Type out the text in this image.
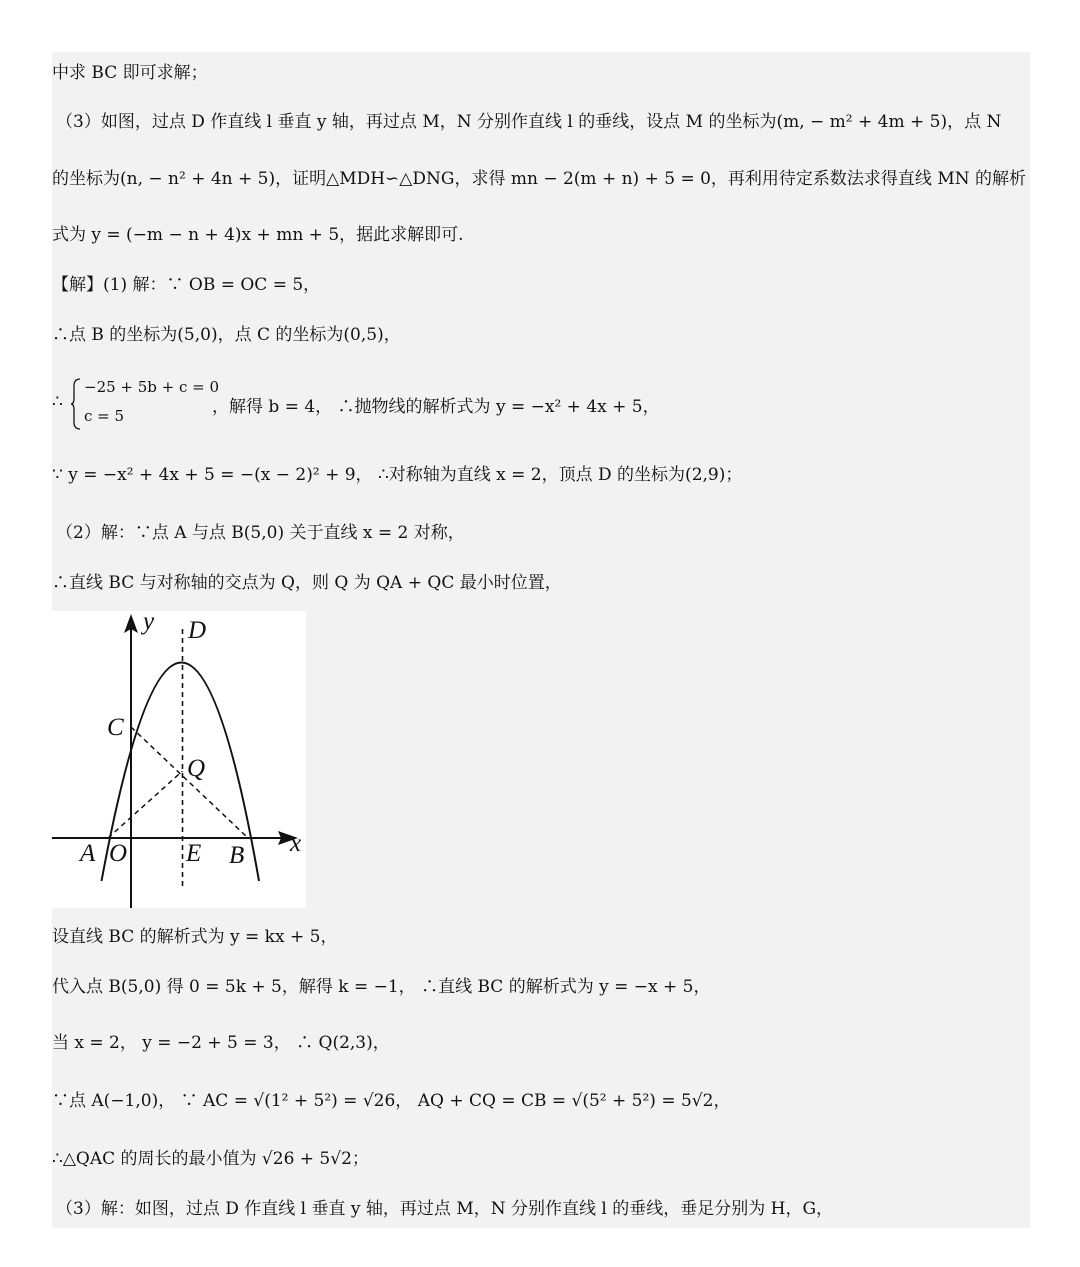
中求 BC 即可求解；
（3）如图，过点 D 作直线 l 垂直 y 轴，再过点 M，N 分别作直线 l 的垂线，设点 M 的坐标为(m, − m² + 4m + 5)，点 N
的坐标为(n, − n² + 4n + 5)，证明△MDH∽△DNG，求得 mn − 2(m + n) + 5 = 0，再利用待定系数法求得直线 MN 的解析
式为 y = (−m − n + 4)x + mn + 5，据此求解即可.
【解】(1) 解：∵ OB = OC = 5，
∴点 B 的坐标为(5,0)，点 C 的坐标为(0,5)，
∴
−25 + 5b + c = 0
c = 5	，解得 b = 4， ∴抛物线的解析式为 y = −x² + 4x + 5，
∵ y = −x² + 4x + 5 = −(x − 2)² + 9， ∴对称轴为直线 x = 2，顶点 D 的坐标为(2,9)；
（2）解：∵点 A 与点 B(5,0) 关于直线 x = 2 对称，
∴直线 BC 与对称轴的交点为 Q，则 Q 为 QA + QC 最小时位置，
y D
C
Q
A O E B x
设直线 BC 的解析式为 y = kx + 5，
代入点 B(5,0) 得 0 = 5k + 5，解得 k = −1， ∴直线 BC 的解析式为 y = −x + 5，
当 x = 2， y = −2 + 5 = 3， ∴ Q(2,3)，
∵点 A(−1,0)， ∵ AC = √(1² + 5²) = √26， AQ + CQ = CB = √(5² + 5²) = 5√2，
∴△QAC 的周长的最小值为 √26 + 5√2；
（3）解：如图，过点 D 作直线 l 垂直 y 轴，再过点 M，N 分别作直线 l 的垂线，垂足分别为 H，G，
